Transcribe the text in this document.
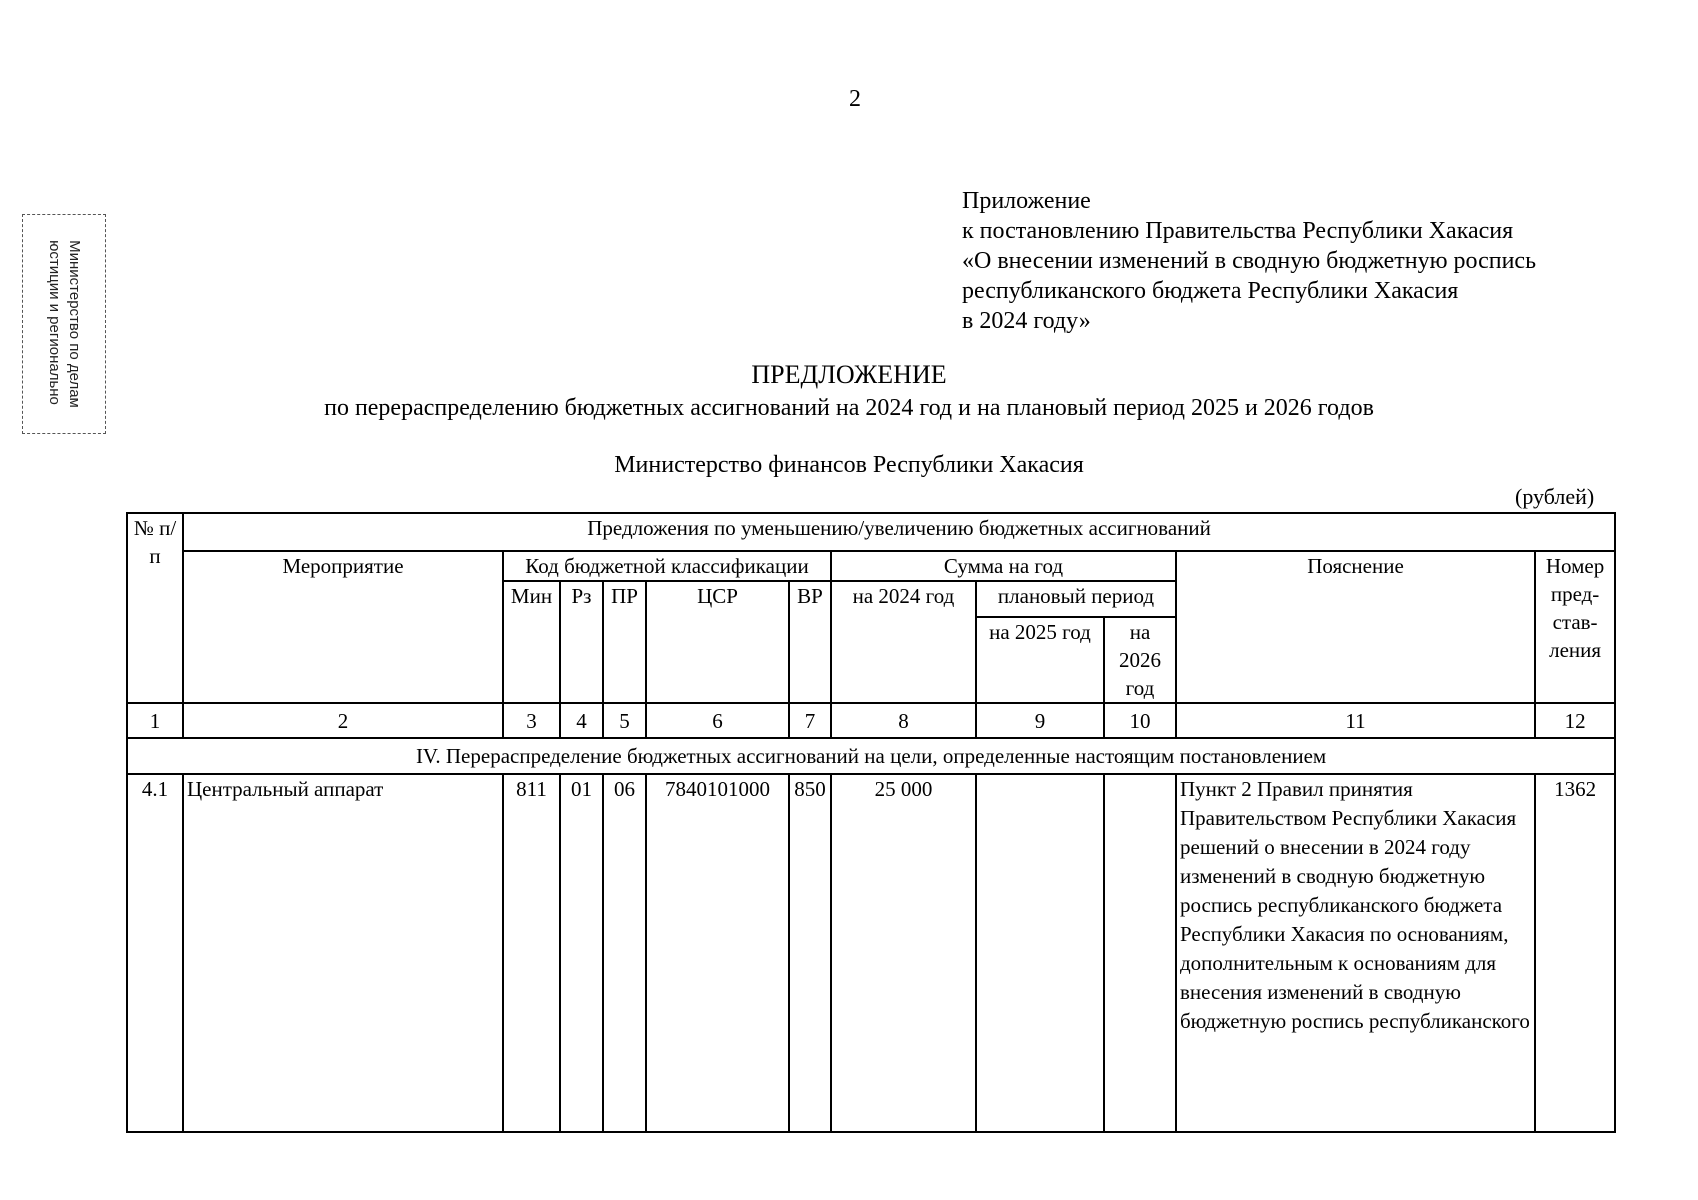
2
Министерство по делам
юстиции и регионально
Приложение
к постановлению Правительства Республики Хакасия
«О внесении изменений в сводную бюджетную роспись
республиканского бюджета Республики Хакасия
в 2024 году»
ПРЕДЛОЖЕНИЕ
по перераспределению бюджетных ассигнований на 2024 год и на плановый период 2025 и 2026 годов
Министерство финансов Республики Хакасия
(рублей)
№ п/п	Предложения по уменьшению/увеличению бюджетных ассигнований										
	Мероприятие	Код бюджетной классификации					Сумма на год			Пояснение	Номер пред-став-ления
		Мин	Рз	ПР	ЦСР	ВР	на 2024 год	плановый период			
								на 2025 год	на 2026 год		
1	2	3	4	5	6	7	8	9	10	11	12
IV. Перераспределение бюджетных ассигнований на цели, определенные настоящим постановлением											
4.1	Центральный аппарат	811	01	06	7840101000	850	25 000			Пункт 2 Правил принятия Правительством Республики Хакасия решений о внесении в 2024 году изменений в сводную бюджетную роспись республиканского бюджета Республики Хакасия по основаниям, дополнительным к основаниям для внесения изменений в сводную бюджетную роспись республиканского	1362
